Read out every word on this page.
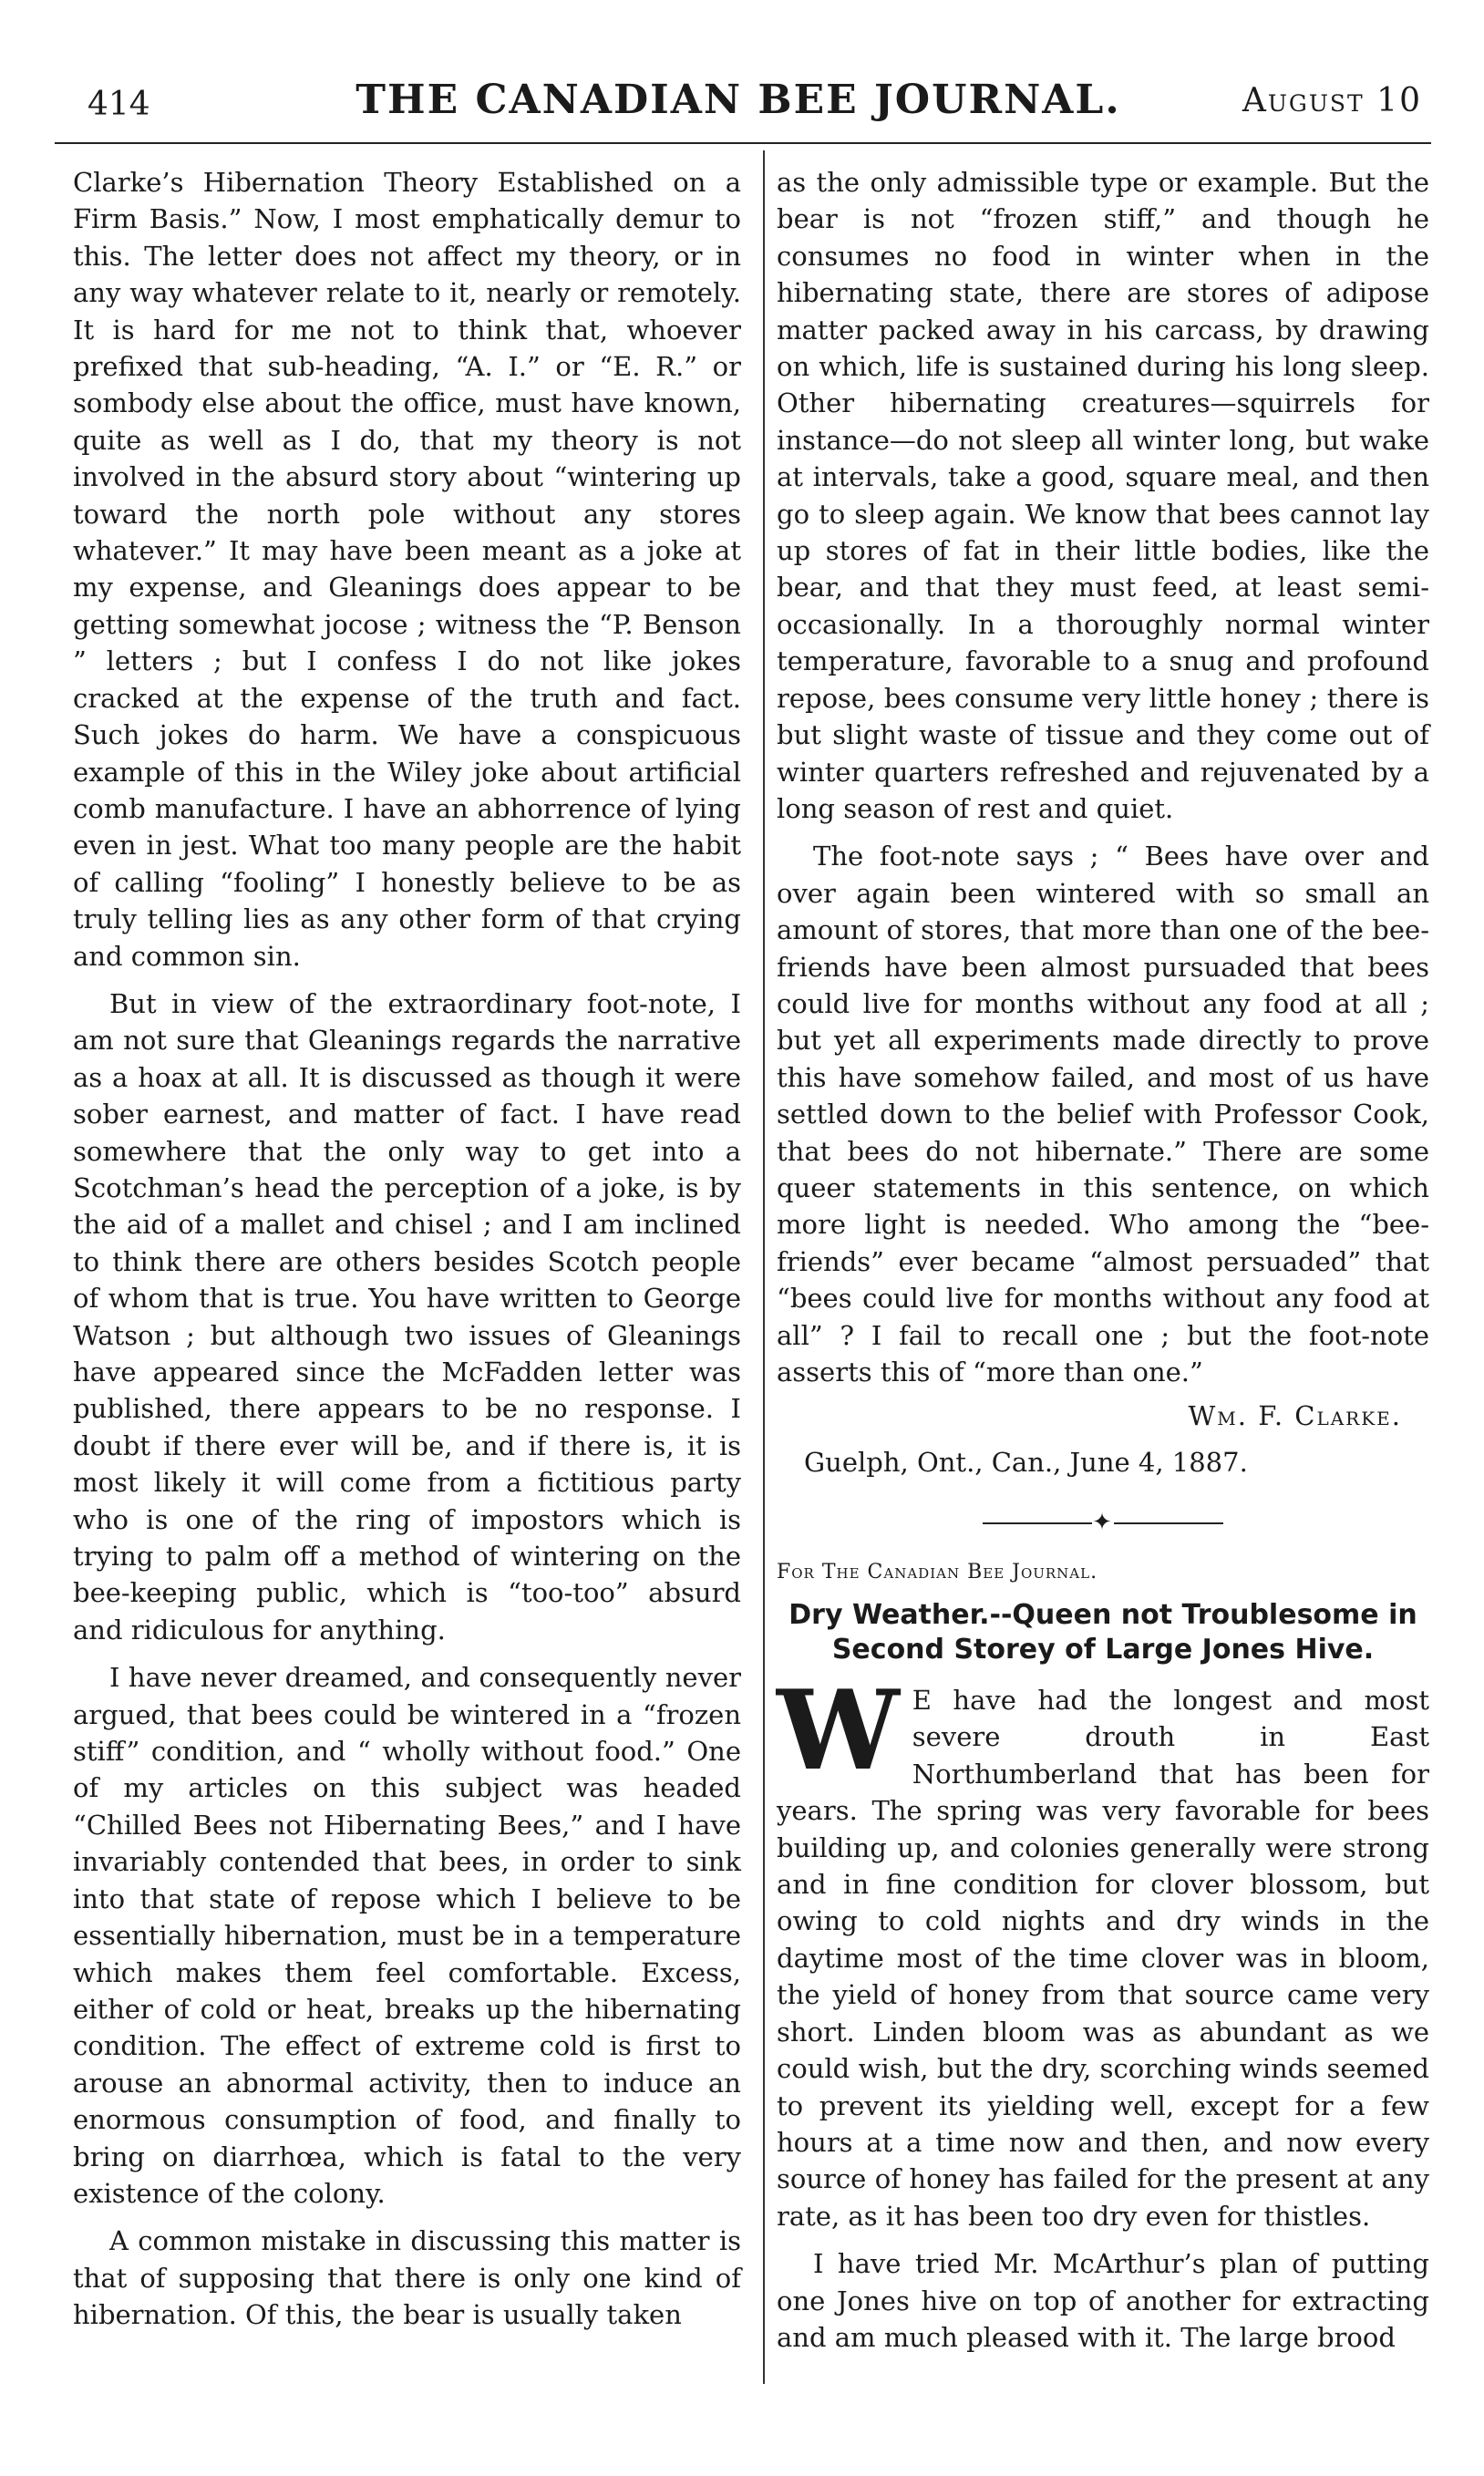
414	THE CANADIAN BEE JOURNAL.	August 10

Clarke’s Hibernation Theory Established on a Firm Basis.” Now, I most emphatically demur to this. The letter does not affect my theory, or in any way whatever relate to it, nearly or remotely. It is hard for me not to think that, whoever prefixed that sub-heading, “A. I.” or “E. R.” or sombody else about the office, must have known, quite as well as I do, that my theory is not involved in the absurd story about “wintering up toward the north pole without any stores whatever.” It may have been meant as a joke at my expense, and Gleanings does appear to be getting somewhat jocose ; witness the “P. Benson ” letters ; but I confess I do not like jokes cracked at the expense of the truth and fact. Such jokes do harm. We have a conspicuous example of this in the Wiley joke about artificial comb manufacture. I have an abhorrence of lying even in jest. What too many people are the habit of calling “fooling” I honestly believe to be as truly telling lies as any other form of that crying and common sin.

But in view of the extraordinary foot-note, I am not sure that Gleanings regards the narrative as a hoax at all. It is discussed as though it were sober earnest, and matter of fact. I have read somewhere that the only way to get into a Scotchman’s head the perception of a joke, is by the aid of a mallet and chisel ; and I am inclined to think there are others besides Scotch people of whom that is true. You have written to George Watson ; but although two issues of Gleanings have appeared since the McFadden letter was published, there appears to be no response. I doubt if there ever will be, and if there is, it is most likely it will come from a fictitious party who is one of the ring of impostors which is trying to palm off a method of wintering on the bee-keeping public, which is “too-too” absurd and ridiculous for anything.

I have never dreamed, and consequently never argued, that bees could be wintered in a “frozen stiff” condition, and “ wholly without food.” One of my articles on this subject was headed “Chilled Bees not Hibernating Bees,” and I have invariably contended that bees, in order to sink into that state of repose which I believe to be essentially hibernation, must be in a temperature which makes them feel comfortable. Excess, either of cold or heat, breaks up the hibernating condition. The effect of extreme cold is first to arouse an abnormal activity, then to induce an enormous consumption of food, and finally to bring on diarrhœa, which is fatal to the very existence of the colony.

A common mistake in discussing this matter is that of supposing that there is only one kind of hibernation. Of this, the bear is usually taken

as the only admissible type or example. But the bear is not “frozen stiff,” and though he consumes no food in winter when in the hibernating state, there are stores of adipose matter packed away in his carcass, by drawing on which, life is sustained during his long sleep. Other hibernating creatures—squirrels for instance—do not sleep all winter long, but wake at intervals, take a good, square meal, and then go to sleep again. We know that bees cannot lay up stores of fat in their little bodies, like the bear, and that they must feed, at least semi-occasionally. In a thoroughly normal winter temperature, favorable to a snug and profound repose, bees consume very little honey ; there is but slight waste of tissue and they come out of winter quarters refreshed and rejuvenated by a long season of rest and quiet.

The foot-note says ; “ Bees have over and over again been wintered with so small an amount of stores, that more than one of the bee-friends have been almost pursuaded that bees could live for months without any food at all ; but yet all experiments made directly to prove this have somehow failed, and most of us have settled down to the belief with Professor Cook, that bees do not hibernate.” There are some queer statements in this sentence, on which more light is needed. Who among the “bee-friends” ever became “almost persuaded” that “bees could live for months without any food at all” ? I fail to recall one ; but the foot-note asserts this of “more than one.”

Wm. F. Clarke.
Guelph, Ont., Can., June 4, 1887.
✦
For The Canadian Bee Journal.
Dry Weather.--Queen not Troublesome in Second Storey of Large Jones Hive.

W E have had the longest and most severe drouth in East Northumberland that has been for years. The spring was very favorable for bees building up, and colonies generally were strong and in fine condition for clover blossom, but owing to cold nights and dry winds in the daytime most of the time clover was in bloom, the yield of honey from that source came very short. Linden bloom was as abundant as we could wish, but the dry, scorching winds seemed to prevent its yielding well, except for a few hours at a time now and then, and now every source of honey has failed for the present at any rate, as it has been too dry even for thistles.

I have tried Mr. McArthur’s plan of putting one Jones hive on top of another for extracting and am much pleased with it. The large brood
